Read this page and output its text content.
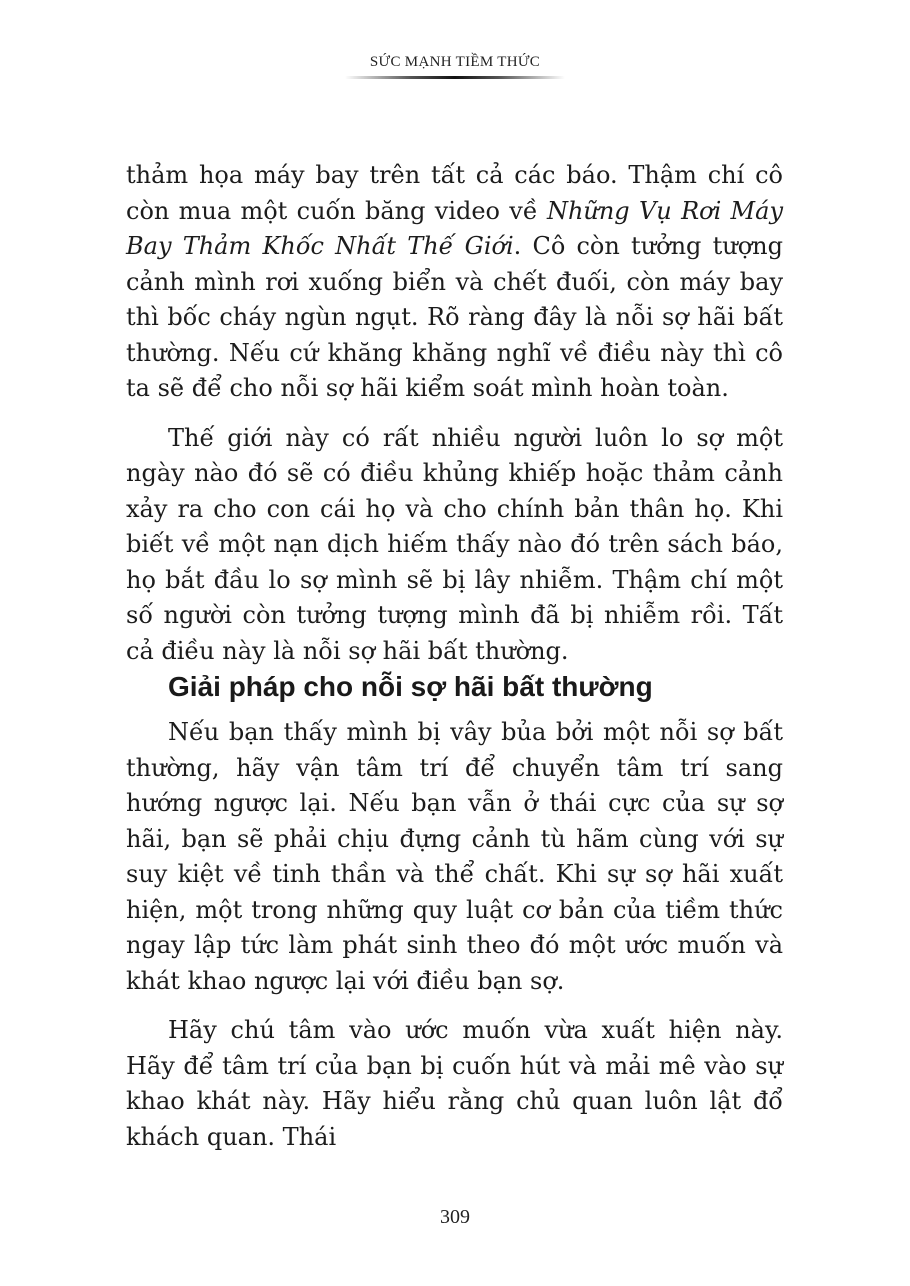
SỨC MẠNH TIỀM THỨC

thảm họa máy bay trên tất cả các báo. Thậm chí cô còn mua một cuốn băng video về Những Vụ Rơi Máy Bay Thảm Khốc Nhất Thế Giới. Cô còn tưởng tượng cảnh mình rơi xuống biển và chết đuối, còn máy bay thì bốc cháy ngùn ngụt. Rõ ràng đây là nỗi sợ hãi bất thường. Nếu cứ khăng khăng nghĩ về điều này thì cô ta sẽ để cho nỗi sợ hãi kiểm soát mình hoàn toàn.

Thế giới này có rất nhiều người luôn lo sợ một ngày nào đó sẽ có điều khủng khiếp hoặc thảm cảnh xảy ra cho con cái họ và cho chính bản thân họ. Khi biết về một nạn dịch hiếm thấy nào đó trên sách báo, họ bắt đầu lo sợ mình sẽ bị lây nhiễm. Thậm chí một số người còn tưởng tượng mình đã bị nhiễm rồi. Tất cả điều này là nỗi sợ hãi bất thường.

Giải pháp cho nỗi sợ hãi bất thường

Nếu bạn thấy mình bị vây bủa bởi một nỗi sợ bất thường, hãy vận tâm trí để chuyển tâm trí sang hướng ngược lại. Nếu bạn vẫn ở thái cực của sự sợ hãi, bạn sẽ phải chịu đựng cảnh tù hãm cùng với sự suy kiệt về tinh thần và thể chất. Khi sự sợ hãi xuất hiện, một trong những quy luật cơ bản của tiềm thức ngay lập tức làm phát sinh theo đó một ước muốn và khát khao ngược lại với điều bạn sợ.

Hãy chú tâm vào ước muốn vừa xuất hiện này. Hãy để tâm trí của bạn bị cuốn hút và mải mê vào sự khao khát này. Hãy hiểu rằng chủ quan luôn lật đổ khách quan. Thái

309
